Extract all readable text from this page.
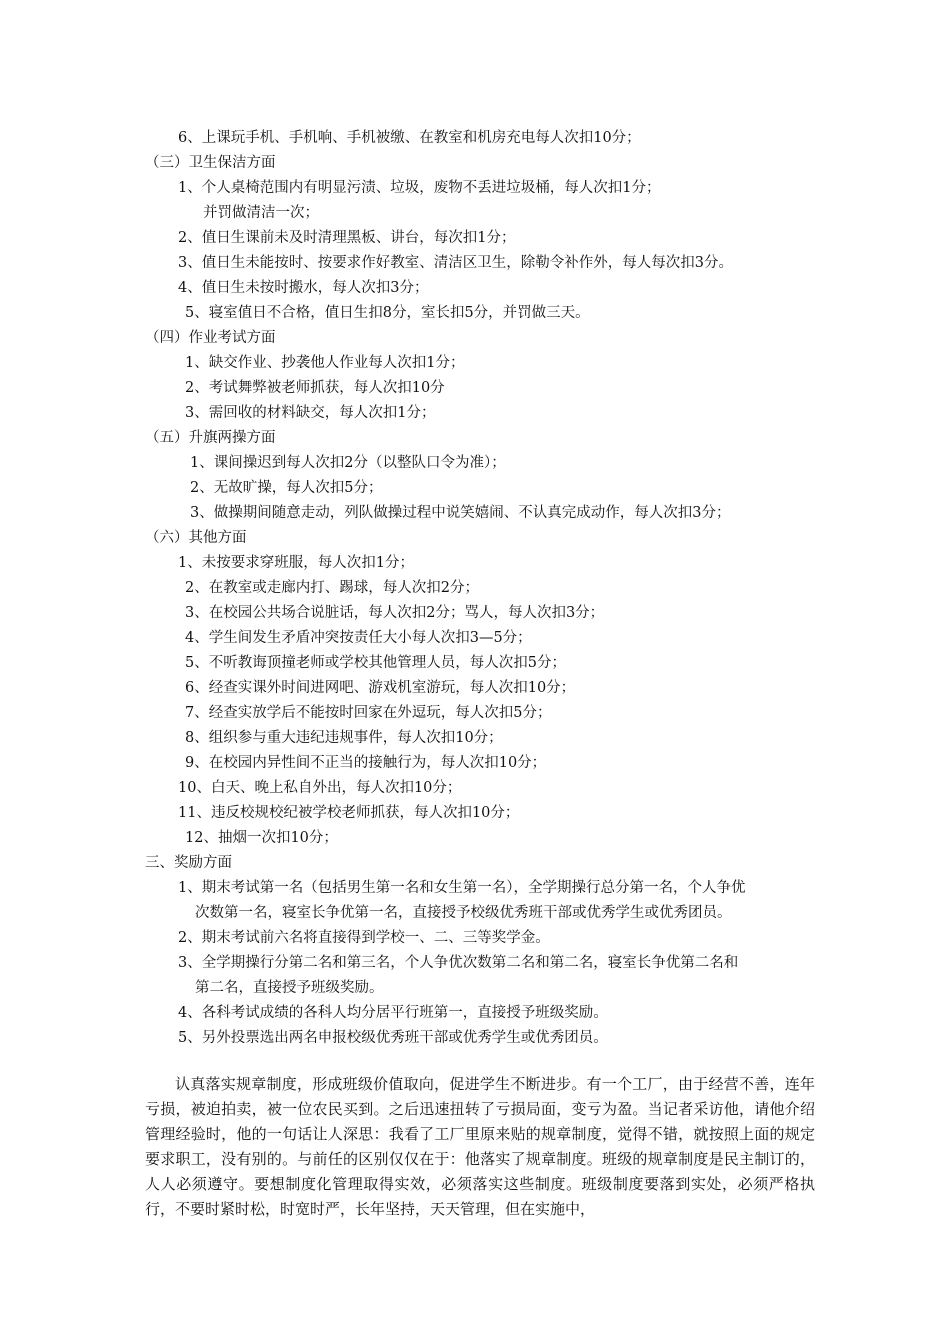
6、上课玩手机、手机响、手机被缴、在教室和机房充电每人次扣10分；
（三）卫生保洁方面
1、个人桌椅范围内有明显污渍、垃圾，废物不丢进垃圾桶，每人次扣1分；
并罚做清洁一次；
2、值日生课前未及时清理黑板、讲台，每次扣1分；
3、值日生未能按时、按要求作好教室、清洁区卫生，除勒令补作外，每人每次扣3分。
4、值日生未按时搬水，每人次扣3分；
5、寝室值日不合格，值日生扣8分，室长扣5分，并罚做三天。
（四）作业考试方面
1、缺交作业、抄袭他人作业每人次扣1分；
2、考试舞弊被老师抓获，每人次扣10分
3、需回收的材料缺交，每人次扣1分；
（五）升旗两操方面
1、课间操迟到每人次扣2分（以整队口令为准）；
2、无故旷操，每人次扣5分；
3、做操期间随意走动，列队做操过程中说笑嬉闹、不认真完成动作，每人次扣3分；
（六）其他方面
1、未按要求穿班服，每人次扣1分；
2、在教室或走廊内打、踢球，每人次扣2分；
3、在校园公共场合说脏话，每人次扣2分；骂人，每人次扣3分；
4、学生间发生矛盾冲突按责任大小每人次扣3—5分；
5、不听教诲顶撞老师或学校其他管理人员，每人次扣5分；
6、经查实课外时间进网吧、游戏机室游玩，每人次扣10分；
7、经查实放学后不能按时回家在外逗玩，每人次扣5分；
8、组织参与重大违纪违规事件，每人次扣10分；
9、在校园内异性间不正当的接触行为，每人次扣10分；
10、白天、晚上私自外出，每人次扣10分；
11、违反校规校纪被学校老师抓获，每人次扣10分；
12、抽烟一次扣10分；
三、奖励方面
1、期末考试第一名（包括男生第一名和女生第一名），全学期操行总分第一名，个人争优
次数第一名，寝室长争优第一名，直接授予校级优秀班干部或优秀学生或优秀团员。
2、期末考试前六名将直接得到学校一、二、三等奖学金。
3、全学期操行分第二名和第三名，个人争优次数第二名和第二名，寝室长争优第二名和
第二名，直接授予班级奖励。
4、各科考试成绩的各科人均分居平行班第一，直接授予班级奖励。
5、另外投票选出两名申报校级优秀班干部或优秀学生或优秀团员。

认真落实规章制度，形成班级价值取向，促进学生不断进步。有一个工厂，由于经营不善，连年亏损，被迫拍卖，被一位农民买到。之后迅速扭转了亏损局面，变亏为盈。当记者采访他，请他介绍管理经验时，他的一句话让人深思：我看了工厂里原来贴的规章制度，觉得不错，就按照上面的规定要求职工，没有别的。与前任的区别仅仅在于：他落实了规章制度。班级的规章制度是民主制订的，人人必须遵守。要想制度化管理取得实效，必须落实这些制度。班级制度要落到实处，必须严格执行，不要时紧时松，时宽时严，长年坚持，天天管理，但在实施中，
